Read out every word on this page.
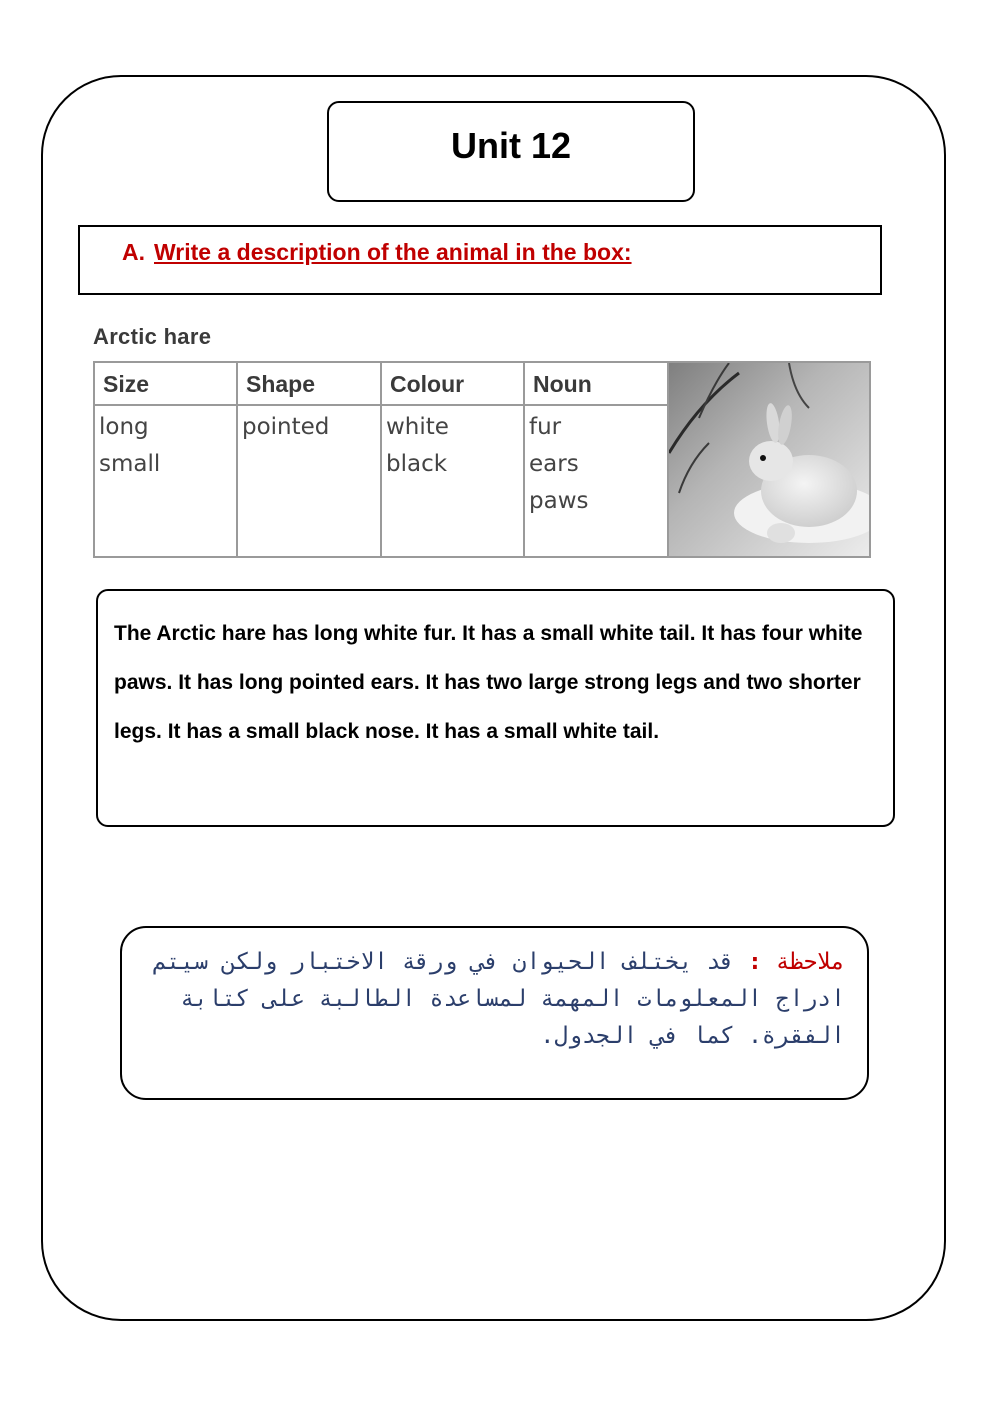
Unit 12
A. Write a description of the animal in the box:
Arctic hare
Size
long
small
Shape
pointed
Colour
white
black
Noun
fur
ears
paws
The Arctic hare has long white fur. It has a small white tail. It has four white paws. It has long pointed ears. It has two large strong legs and two shorter legs. It has a small black nose. It has a small white tail.
ملاحظة : قد يختلف الحيوان في ورقة الاختبار ولكن سيتم ادراج المعلومات المهمة لمساعدة الطالبة على كتابة الفقرة. كما في الجدول.
